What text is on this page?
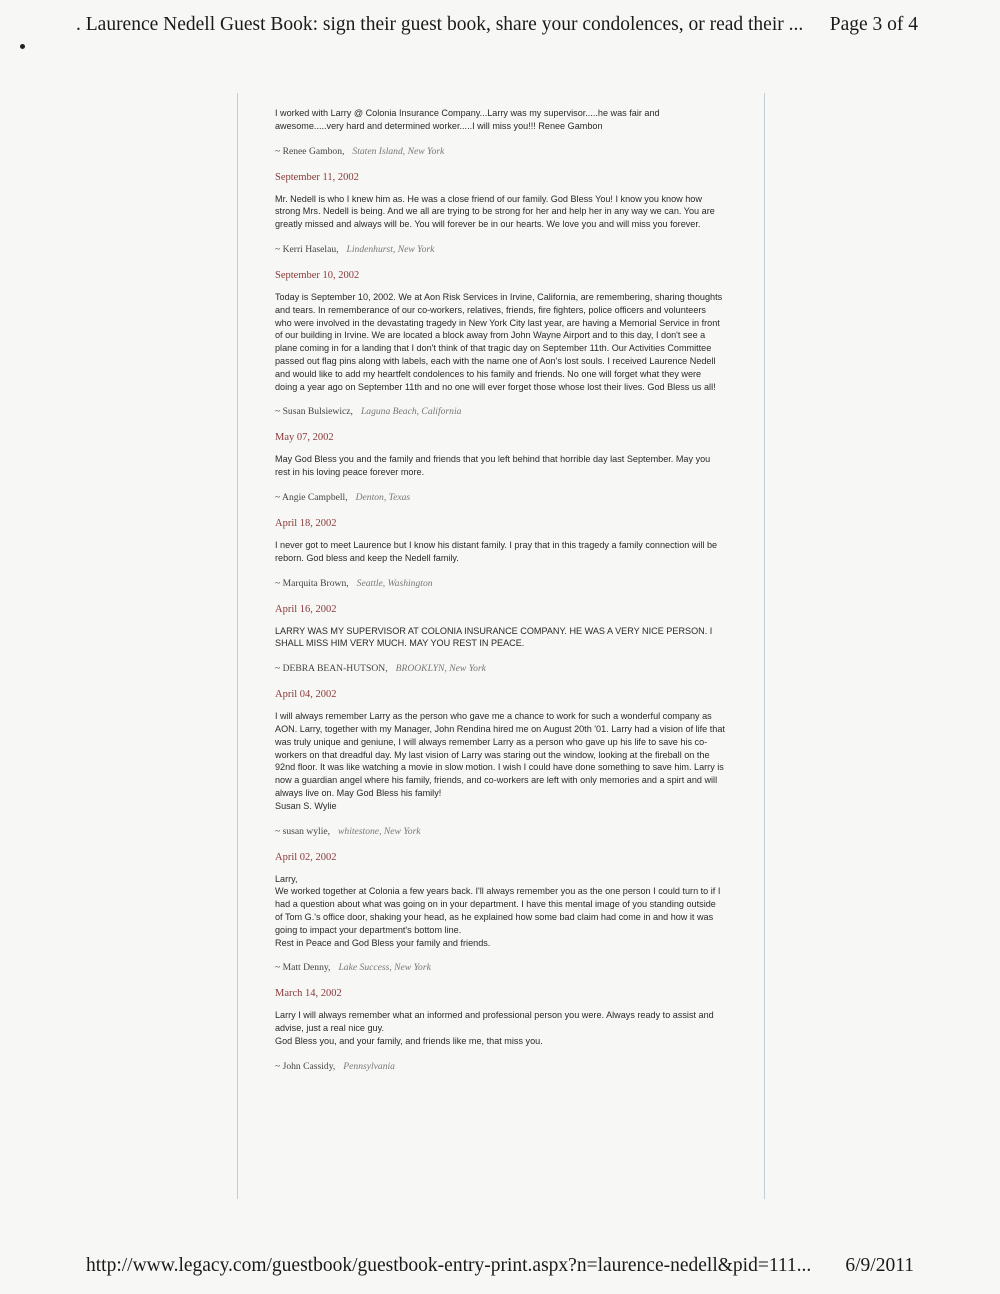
. Laurence Nedell Guest Book: sign their guest book, share your condolences, or read their ... Page 3 of 4
I worked with Larry @ Colonia Insurance Company...Larry was my supervisor.....he was fair and awesome.....very hard and determined worker.....I will miss you!!! Renee Gambon
~ Renee Gambon, Staten Island, New York
September 11, 2002
Mr. Nedell is who I knew him as. He was a close friend of our family. God Bless You! I know you know how strong Mrs. Nedell is being. And we all are trying to be strong for her and help her in any way we can. You are greatly missed and always will be. You will forever be in our hearts. We love you and will miss you forever.
~ Kerri Haselau, Lindenhurst, New York
September 10, 2002
Today is September 10, 2002. We at Aon Risk Services in Irvine, California, are remembering, sharing thoughts and tears. In rememberance of our co-workers, relatives, friends, fire fighters, police officers and volunteers who were involved in the devastating tragedy in New York City last year, are having a Memorial Service in front of our building in Irvine. We are located a block away from John Wayne Airport and to this day, I don't see a plane coming in for a landing that I don't think of that tragic day on September 11th. Our Activities Committee passed out flag pins along with labels, each with the name one of Aon's lost souls. I received Laurence Nedell and would like to add my heartfelt condolences to his family and friends. No one will forget what they were doing a year ago on September 11th and no one will ever forget those whose lost their lives. God Bless us all!
~ Susan Bulsiewicz, Laguna Beach, California
May 07, 2002
May God Bless you and the family and friends that you left behind that horrible day last September. May you rest in his loving peace forever more.
~ Angie Campbell, Denton, Texas
April 18, 2002
I never got to meet Laurence but I know his distant family. I pray that in this tragedy a family connection will be reborn. God bless and keep the Nedell family.
~ Marquita Brown, Seattle, Washington
April 16, 2002
LARRY WAS MY SUPERVISOR AT COLONIA INSURANCE COMPANY. HE WAS A VERY NICE PERSON. I SHALL MISS HIM VERY MUCH. MAY YOU REST IN PEACE.
~ DEBRA BEAN-HUTSON, BROOKLYN, New York
April 04, 2002
I will always remember Larry as the person who gave me a chance to work for such a wonderful company as AON. Larry, together with my Manager, John Rendina hired me on August 20th '01. Larry had a vision of life that was truly unique and geniune, I will always remember Larry as a person who gave up his life to save his co-workers on that dreadful day. My last vision of Larry was staring out the window, looking at the fireball on the 92nd floor. It was like watching a movie in slow motion. I wish I could have done something to save him. Larry is now a guardian angel where his family, friends, and co-workers are left with only memories and a spirt and will always live on. May God Bless his family!
Susan S. Wylie
~ susan wylie, whitestone, New York
April 02, 2002
Larry,
We worked together at Colonia a few years back. I'll always remember you as the one person I could turn to if I had a question about what was going on in your department. I have this mental image of you standing outside of Tom G.'s office door, shaking your head, as he explained how some bad claim had come in and how it was going to impact your department's bottom line.
Rest in Peace and God Bless your family and friends.
~ Matt Denny, Lake Success, New York
March 14, 2002
Larry I will always remember what an informed and professional person you were. Always ready to assist and advise, just a real nice guy.
God Bless you, and your family, and friends like me, that miss you.
~ John Cassidy, Pennsylvania
http://www.legacy.com/guestbook/guestbook-entry-print.aspx?n=laurence-nedell&pid=111... 6/9/2011
